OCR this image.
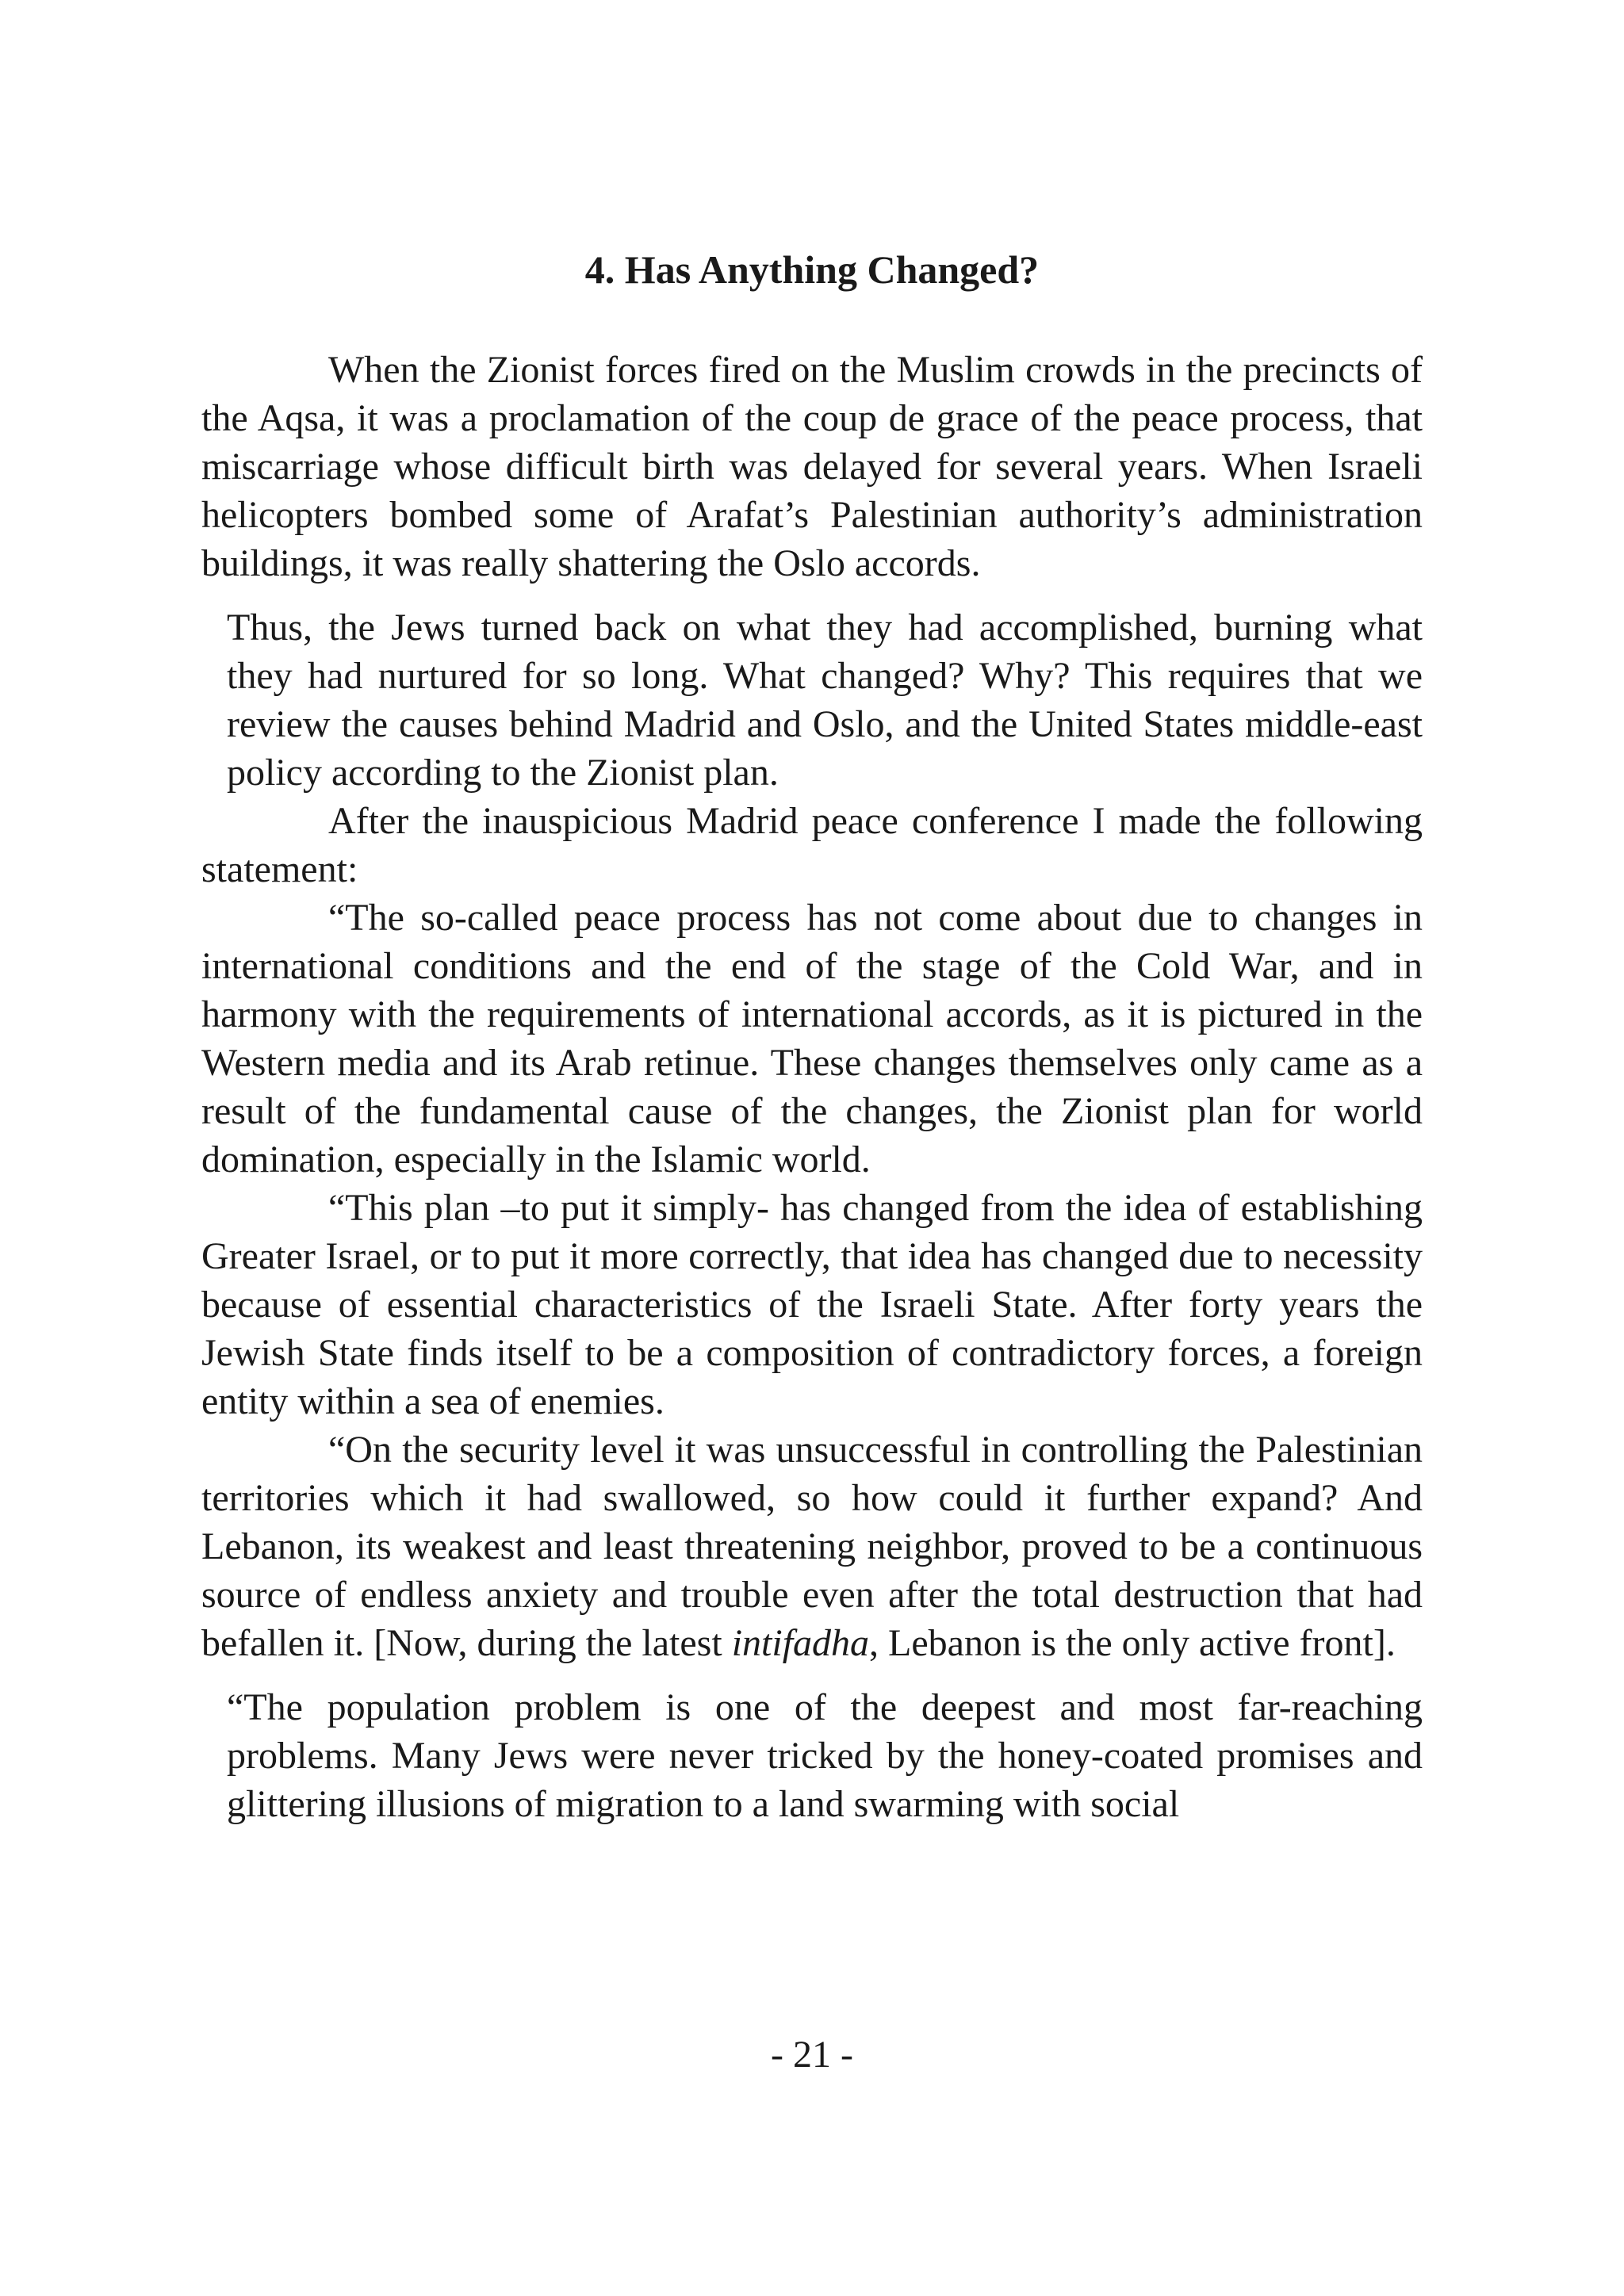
4. Has Anything Changed?

When the Zionist forces fired on the Muslim crowds in the precincts of the Aqsa, it was a proclamation of the coup de grace of the peace process, that miscarriage whose difficult birth was delayed for several years. When Israeli helicopters bombed some of Arafat’s Palestinian authority’s administration buildings, it was really shattering the Oslo accords.

Thus, the Jews turned back on what they had accomplished, burning what they had nurtured for so long. What changed? Why? This requires that we review the causes behind Madrid and Oslo, and the United States middle-east policy according to the Zionist plan.

After the inauspicious Madrid peace conference I made the following statement:

“The so-called peace process has not come about due to changes in international conditions and the end of the stage of the Cold War, and in harmony with the requirements of international accords, as it is pictured in the Western media and its Arab retinue. These changes themselves only came as a result of the fundamental cause of the changes, the Zionist plan for world domination, especially in the Islamic world.

“This plan –to put it simply- has changed from the idea of establishing Greater Israel, or to put it more correctly, that idea has changed due to necessity because of essential characteristics of the Israeli State. After forty years the Jewish State finds itself to be a composition of contradictory forces, a foreign entity within a sea of enemies.

“On the security level it was unsuccessful in controlling the Palestinian territories which it had swallowed, so how could it further expand? And Lebanon, its weakest and least threatening neighbor, proved to be a continuous source of endless anxiety and trouble even after the total destruction that had befallen it. [Now, during the latest intifadha, Lebanon is the only active front].

“The population problem is one of the deepest and most far-reaching problems. Many Jews were never tricked by the honey-coated promises and glittering illusions of migration to a land swarming with social

- 21 -
